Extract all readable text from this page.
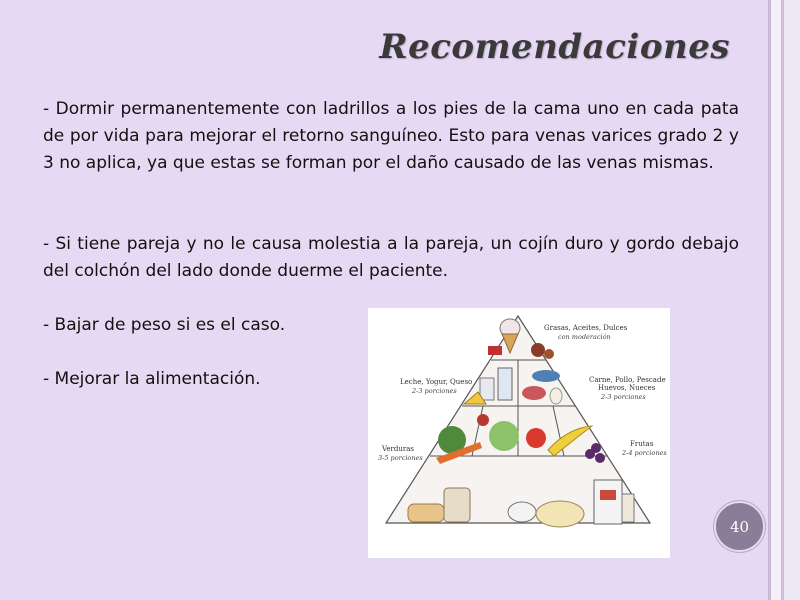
Recomendaciones

- Dormir permanentemente con ladrillos a los pies de la cama uno en cada pata de por vida para mejorar el retorno sanguíneo. Esto para venas varices grado 2 y 3 no aplica, ya que estas se forman por el daño causado de las venas mismas.

- Si tiene pareja y no le causa molestia a la pareja, un cojín duro y gordo debajo del colchón del lado donde duerme el paciente.

- Bajar de peso si es el caso.

- Mejorar la alimentación.

Grasas, Aceites, Dulces
con moderación
Leche, Yogur, Queso
2-3 porciones
Carne, Pollo, Pescade
Huevos, Nueces
2-3 porciones
Verduras
3-5 porciones
Frutas
2-4 porciones
40
